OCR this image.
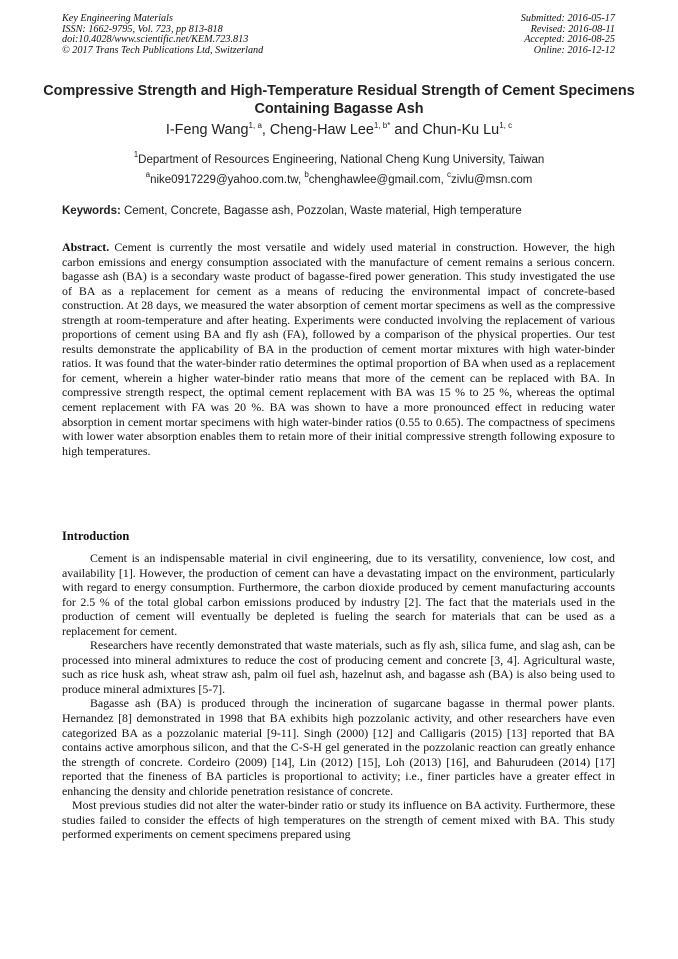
Key Engineering Materials
ISSN: 1662-9795, Vol. 723, pp 813-818
doi:10.4028/www.scientific.net/KEM.723.813
© 2017 Trans Tech Publications Ltd, Switzerland
Submitted: 2016-05-17
Revised: 2016-08-11
Accepted: 2016-08-25
Online: 2016-12-12
Compressive Strength and High-Temperature Residual Strength of Cement Specimens Containing Bagasse Ash
I-Feng Wang$^{1, a}$, Cheng-Haw Lee$^{1, b*}$ and Chun-Ku Lu$^{1, c}$
$^1$Department of Resources Engineering, National Cheng Kung University, Taiwan
$^a$nike0917229@yahoo.com.tw, $^b$chenghawlee@gmail.com, $^c$zivlu@msn.com
Keywords: Cement, Concrete, Bagasse ash, Pozzolan, Waste material, High temperature
Abstract. Cement is currently the most versatile and widely used material in construction. However, the high carbon emissions and energy consumption associated with the manufacture of cement remains a serious concern. bagasse ash (BA) is a secondary waste product of bagasse-fired power generation. This study investigated the use of BA as a replacement for cement as a means of reducing the environmental impact of concrete-based construction. At 28 days, we measured the water absorption of cement mortar specimens as well as the compressive strength at room-temperature and after heating. Experiments were conducted involving the replacement of various proportions of cement using BA and fly ash (FA), followed by a comparison of the physical properties. Our test results demonstrate the applicability of BA in the production of cement mortar mixtures with high water-binder ratios. It was found that the water-binder ratio determines the optimal proportion of BA when used as a replacement for cement, wherein a higher water-binder ratio means that more of the cement can be replaced with BA. In compressive strength respect, the optimal cement replacement with BA was 15 % to 25 %, whereas the optimal cement replacement with FA was 20 %. BA was shown to have a more pronounced effect in reducing water absorption in cement mortar specimens with high water-binder ratios (0.55 to 0.65). The compactness of specimens with lower water absorption enables them to retain more of their initial compressive strength following exposure to high temperatures.
Introduction

Cement is an indispensable material in civil engineering, due to its versatility, convenience, low cost, and availability [1]. However, the production of cement can have a devastating impact on the environment, particularly with regard to energy consumption. Furthermore, the carbon dioxide produced by cement manufacturing accounts for 2.5 % of the total global carbon emissions produced by industry [2]. The fact that the materials used in the production of cement will eventually be depleted is fueling the search for materials that can be used as a replacement for cement.

Researchers have recently demonstrated that waste materials, such as fly ash, silica fume, and slag ash, can be processed into mineral admixtures to reduce the cost of producing cement and concrete [3, 4]. Agricultural waste, such as rice husk ash, wheat straw ash, palm oil fuel ash, hazelnut ash, and bagasse ash (BA) is also being used to produce mineral admixtures [5-7].

Bagasse ash (BA) is produced through the incineration of sugarcane bagasse in thermal power plants. Hernandez [8] demonstrated in 1998 that BA exhibits high pozzolanic activity, and other researchers have even categorized BA as a pozzolanic material [9-11]. Singh (2000) [12] and Calligaris (2015) [13] reported that BA contains active amorphous silicon, and that the C-S-H gel generated in the pozzolanic reaction can greatly enhance the strength of concrete. Cordeiro (2009) [14], Lin (2012) [15], Loh (2013) [16], and Bahurudeen (2014) [17] reported that the fineness of BA particles is proportional to activity; i.e., finer particles have a greater effect in enhancing the density and chloride penetration resistance of concrete.

Most previous studies did not alter the water-binder ratio or study its influence on BA activity. Furthermore, these studies failed to consider the effects of high temperatures on the strength of cement mixed with BA. This study performed experiments on cement specimens prepared using
